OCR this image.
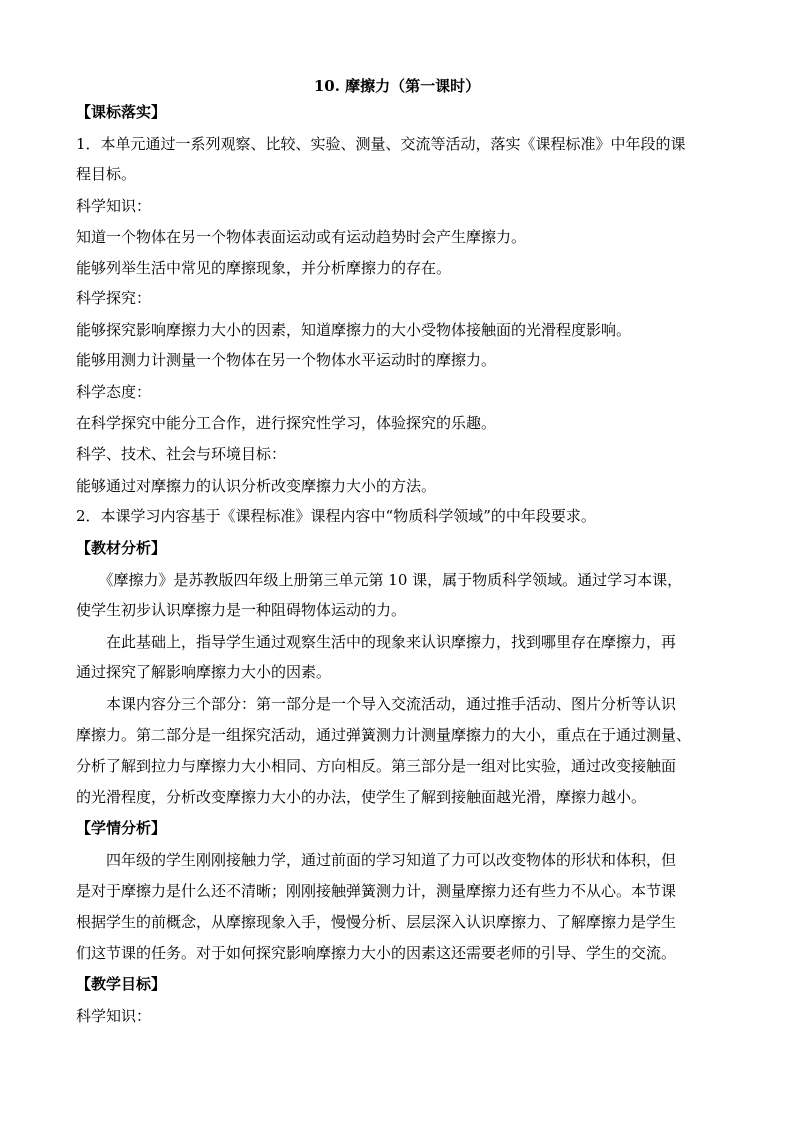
10. 摩擦力（第一课时）
【课标落实】
1．本单元通过一系列观察、比较、实验、测量、交流等活动，落实《课程标准》中年段的课
程目标。
科学知识：
知道一个物体在另一个物体表面运动或有运动趋势时会产生摩擦力。
能够列举生活中常见的摩擦现象，并分析摩擦力的存在。
科学探究：
能够探究影响摩擦力大小的因素，知道摩擦力的大小受物体接触面的光滑程度影响。
能够用测力计测量一个物体在另一个物体水平运动时的摩擦力。
科学态度：
在科学探究中能分工合作，进行探究性学习，体验探究的乐趣。
科学、技术、社会与环境目标：
能够通过对摩擦力的认识分析改变摩擦力大小的方法。
2．本课学习内容基于《课程标准》课程内容中“物质科学领域”的中年段要求。
【教材分析】
　　《摩擦力》是苏教版四年级上册第三单元第 10 课，属于物质科学领域。通过学习本课，
使学生初步认识摩擦力是一种阻碍物体运动的力。
　　在此基础上，指导学生通过观察生活中的现象来认识摩擦力，找到哪里存在摩擦力，再
通过探究了解影响摩擦力大小的因素。
　　本课内容分三个部分：第一部分是一个导入交流活动，通过推手活动、图片分析等认识
摩擦力。第二部分是一组探究活动，通过弹簧测力计测量摩擦力的大小，重点在于通过测量、
分析了解到拉力与摩擦力大小相同、方向相反。第三部分是一组对比实验，通过改变接触面
的光滑程度，分析改变摩擦力大小的办法，使学生了解到接触面越光滑，摩擦力越小。
【学情分析】
　　四年级的学生刚刚接触力学，通过前面的学习知道了力可以改变物体的形状和体积，但
是对于摩擦力是什么还不清晰；刚刚接触弹簧测力计，测量摩擦力还有些力不从心。本节课
根据学生的前概念，从摩擦现象入手，慢慢分析、层层深入认识摩擦力、了解摩擦力是学生
们这节课的任务。对于如何探究影响摩擦力大小的因素这还需要老师的引导、学生的交流。
【教学目标】
科学知识：
